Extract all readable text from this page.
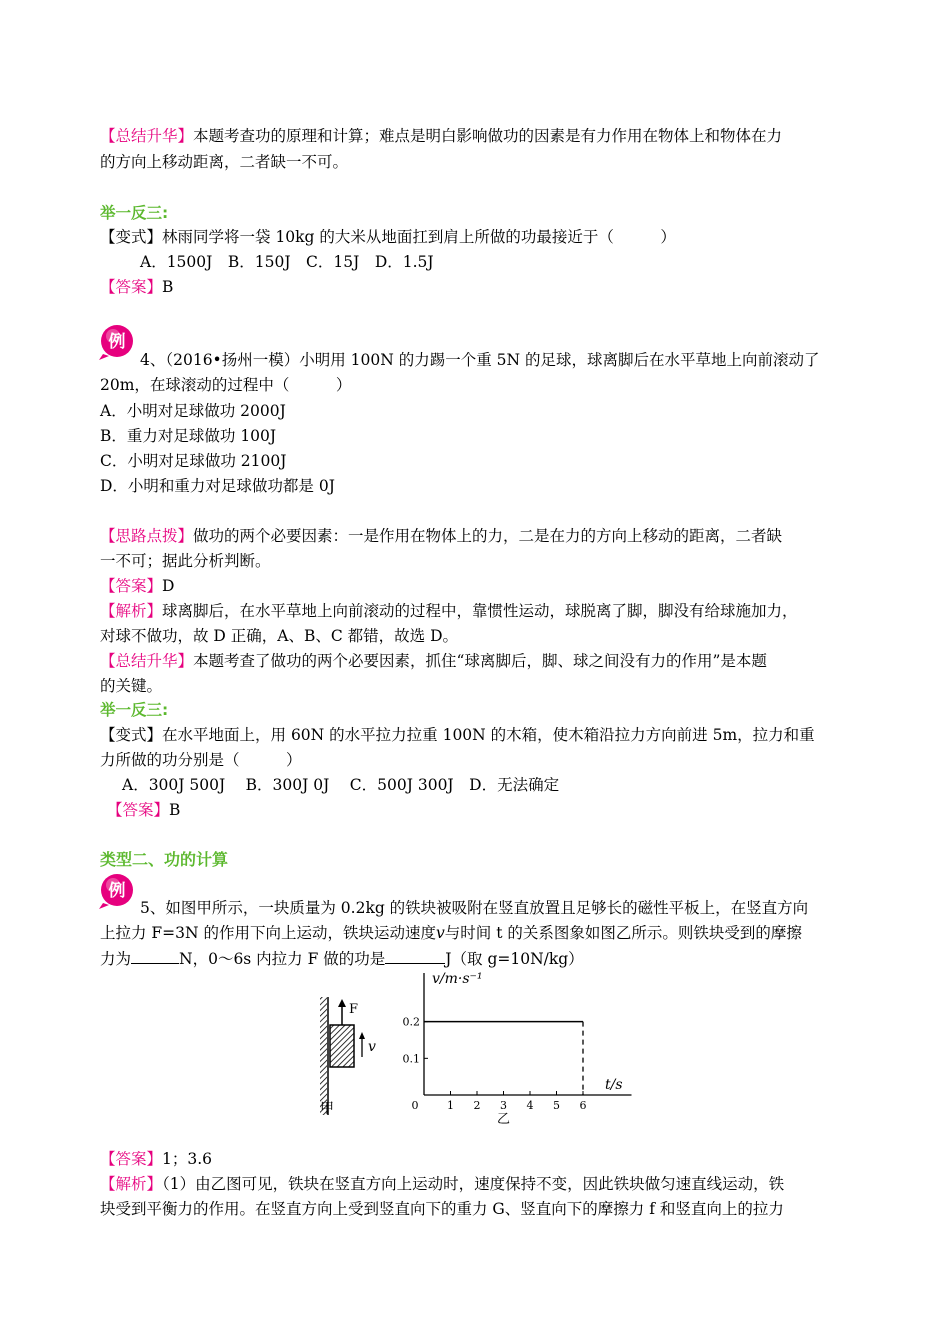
【总结升华】本题考查功的原理和计算；难点是明白影响做功的因素是有力作用在物体上和物体在力
的方向上移动距离，二者缺一不可。
举一反三:
【变式】林雨同学将一袋 10kg 的大米从地面扛到肩上所做的功最接近于（　　　）
A．1500J　B．150J　C．15J　D．1.5J
【答案】B
例
4、（2016•扬州一模）小明用 100N 的力踢一个重 5N 的足球，球离脚后在水平草地上向前滚动了
20m，在球滚动的过程中（　　　）
A．小明对足球做功 2000J
B．重力对足球做功 100J
C．小明对足球做功 2100J
D．小明和重力对足球做功都是 0J
【思路点拨】做功的两个必要因素：一是作用在物体上的力，二是在力的方向上移动的距离，二者缺
一不可；据此分析判断。
【答案】D
【解析】球离脚后，在水平草地上向前滚动的过程中，靠惯性运动，球脱离了脚，脚没有给球施加力，
对球不做功，故 D 正确，A、B、C 都错，故选 D。
【总结升华】本题考查了做功的两个必要因素，抓住“球离脚后，脚、球之间没有力的作用”是本题
的关键。
举一反三:
【变式】在水平地面上，用 60N 的水平拉力拉重 100N 的木箱，使木箱沿拉力方向前进 5m，拉力和重
力所做的功分别是（　　　）
A．300J 500J　 B．300J 0J　 C．500J 300J　D．无法确定
【答案】B
类型二、功的计算
例
5、如图甲所示，一块质量为 0.2kg 的铁块被吸附在竖直放置且足够长的磁性平板上，在竖直方向
上拉力 F=3N 的作用下向上运动，铁块运动速度v与时间 t 的关系图象如图乙所示。则铁块受到的摩擦
力为	N，0～6s 内拉力 F 做的功是	J（取 g=10N/kg）
F
v
甲	0	1 2 3 4 5 6
0.1
0.2
v/m·s⁻¹
t/s
乙
【答案】1；3.6
【解析】（1）由乙图可见，铁块在竖直方向上运动时，速度保持不变，因此铁块做匀速直线运动，铁
块受到平衡力的作用。在竖直方向上受到竖直向下的重力 G、竖直向下的摩擦力 f 和竖直向上的拉力
